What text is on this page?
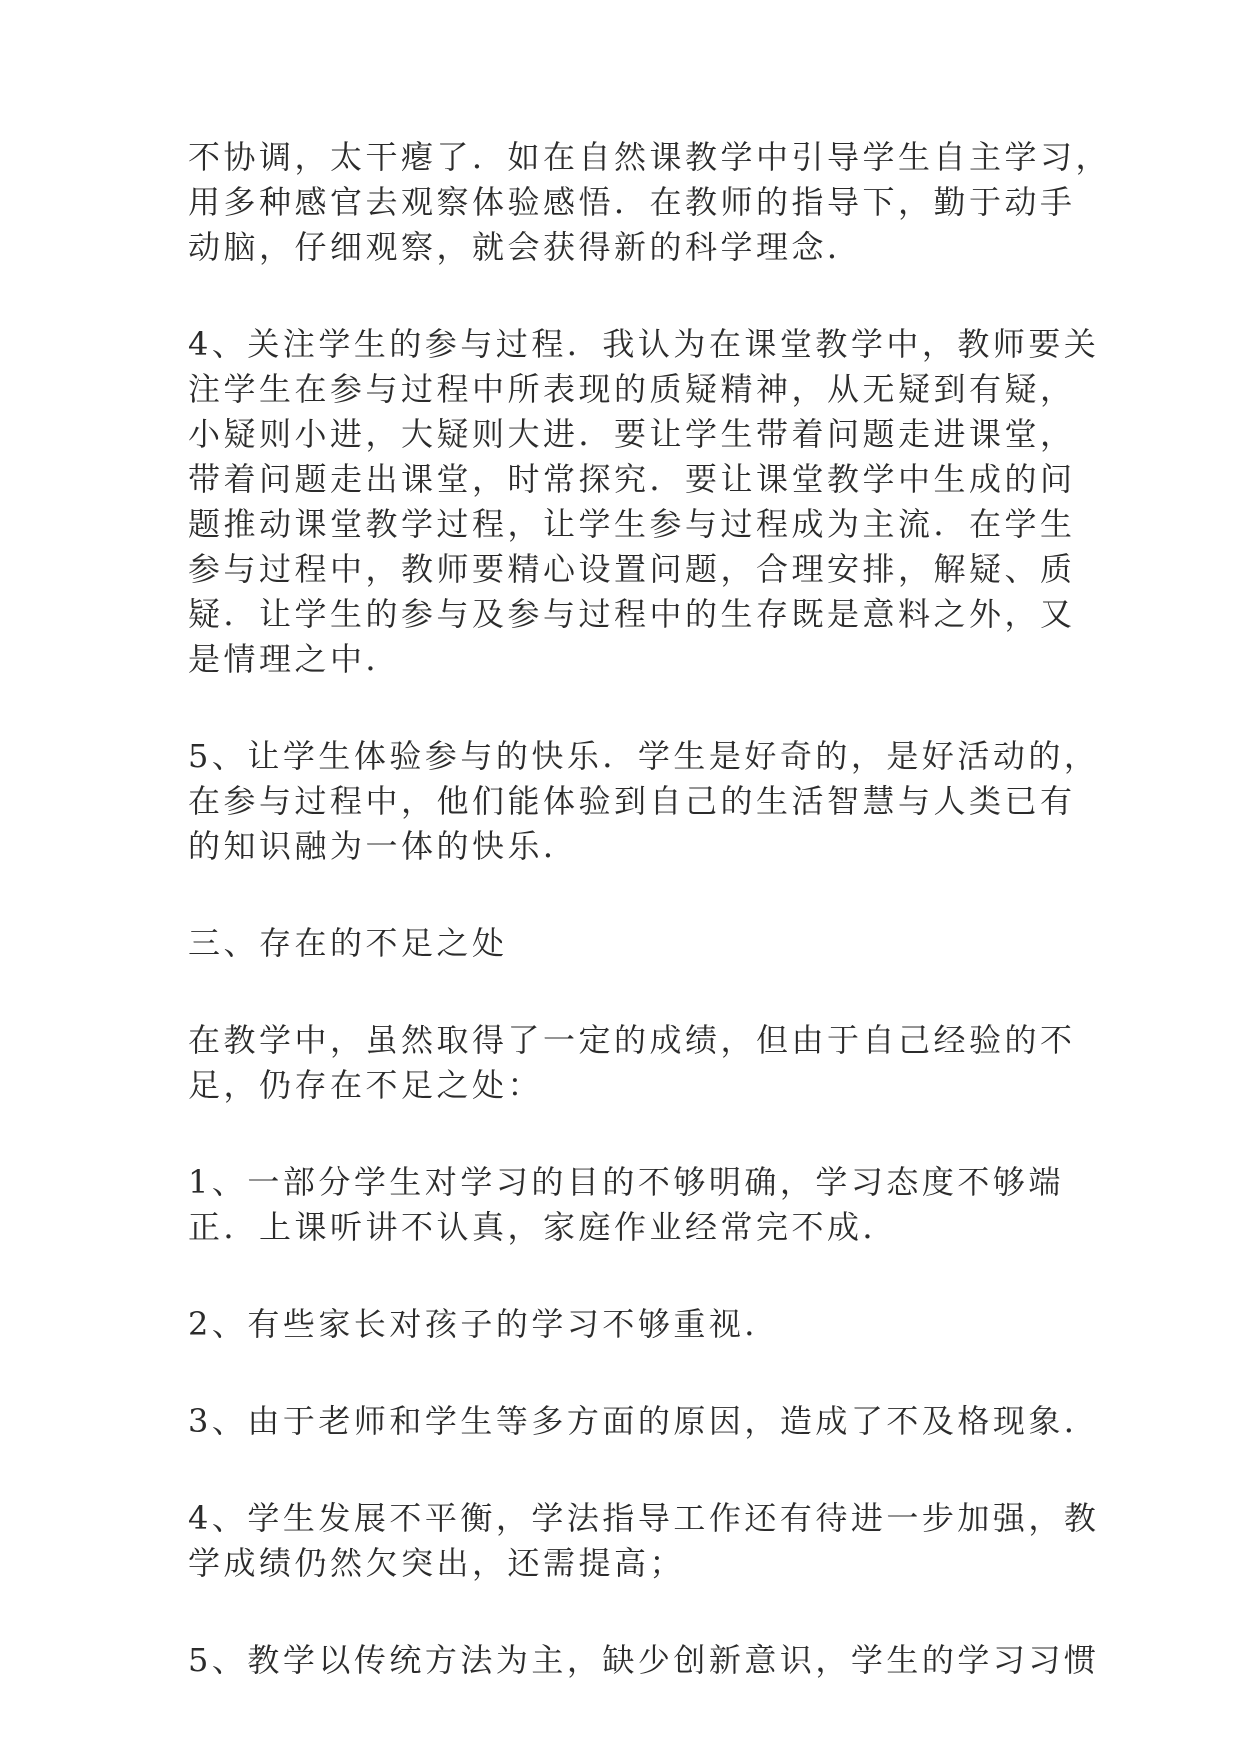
不协调，太干瘪了．如在自然课教学中引导学生自主学习，
用多种感官去观察体验感悟．在教师的指导下，勤于动手
动脑，仔细观察，就会获得新的科学理念．
4、关注学生的参与过程．我认为在课堂教学中，教师要关
注学生在参与过程中所表现的质疑精神，从无疑到有疑，
小疑则小进，大疑则大进．要让学生带着问题走进课堂，
带着问题走出课堂，时常探究．要让课堂教学中生成的问
题推动课堂教学过程，让学生参与过程成为主流．在学生
参与过程中，教师要精心设置问题，合理安排，解疑、质
疑．让学生的参与及参与过程中的生存既是意料之外，又
是情理之中．
5、让学生体验参与的快乐．学生是好奇的，是好活动的，
在参与过程中，他们能体验到自己的生活智慧与人类已有
的知识融为一体的快乐．
三、存在的不足之处
在教学中，虽然取得了一定的成绩，但由于自己经验的不
足，仍存在不足之处：
1、一部分学生对学习的目的不够明确，学习态度不够端
正．上课听讲不认真，家庭作业经常完不成．
2、有些家长对孩子的学习不够重视．
3、由于老师和学生等多方面的原因，造成了不及格现象．
4、学生发展不平衡，学法指导工作还有待进一步加强，教
学成绩仍然欠突出，还需提高；
5、教学以传统方法为主，缺少创新意识，学生的学习习惯
